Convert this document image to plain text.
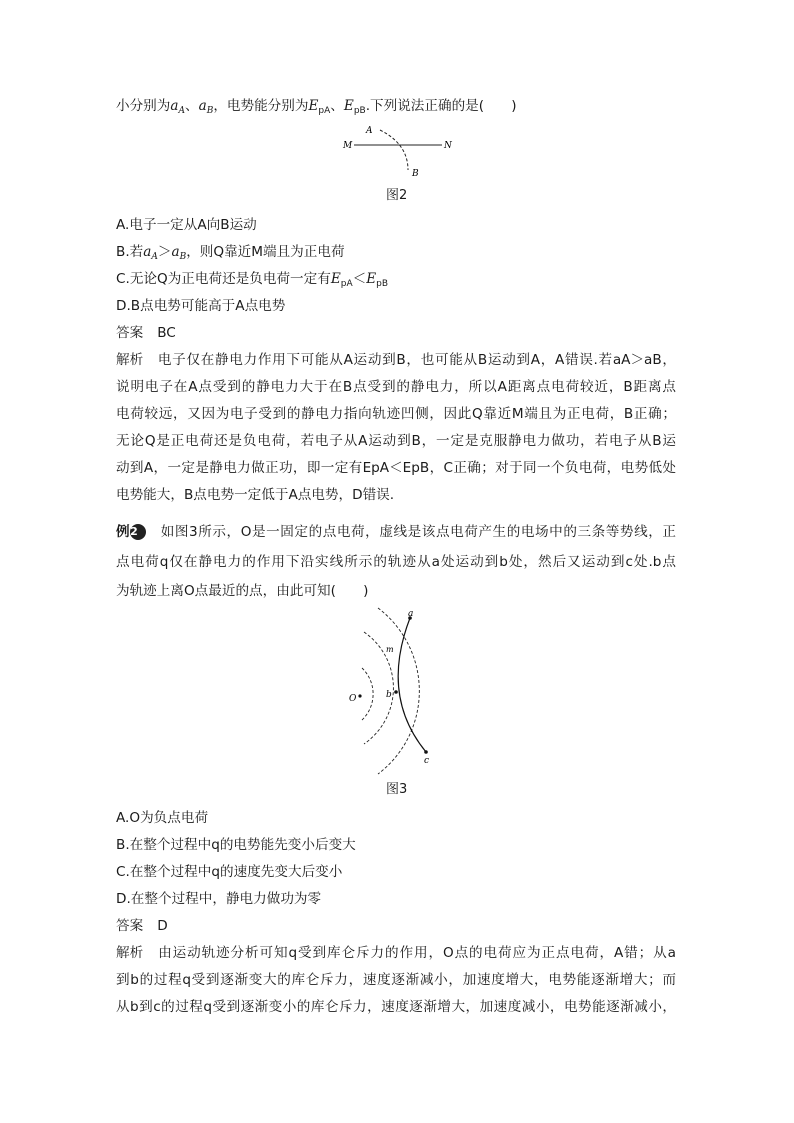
小分别为$a_A$、$a_B$，电势能分别为$E_{pA}$、$E_{pB}$.下列说法正确的是(　　)
A
M	N
B
图2
A.电子一定从A向B运动
B.若$a_A>a_B$，则Q靠近M端且为正电荷
C.无论Q为正电荷还是负电荷一定有$E_{pA}<E_{pB}$
D.B点电势可能高于A点电势
答案 BC
解析 电子仅在静电力作用下可能从A运动到B，也可能从B运动到A，A错误.若aA＞aB，
说明电子在A点受到的静电力大于在B点受到的静电力，所以A距离点电荷较近，B距离点
电荷较远，又因为电子受到的静电力指向轨迹凹侧，因此Q靠近M端且为正电荷，B正确；
无论Q是正电荷还是负电荷，若电子从A运动到B，一定是克服静电力做功，若电子从B运
动到A，一定是静电力做正功，即一定有EpA＜EpB，C正确；对于同一个负电荷，电势低处
电势能大，B点电势一定低于A点电势，D错误.
例2 如图3所示，O是一固定的点电荷，虚线是该点电荷产生的电场中的三条等势线，正
点电荷q仅在静电力的作用下沿实线所示的轨迹从a处运动到b处，然后又运动到c处.b点
为轨迹上离O点最近的点，由此可知(　　)
a
m
O	b
c
图3
A.O为负点电荷
B.在整个过程中q的电势能先变小后变大
C.在整个过程中q的速度先变大后变小
D.在整个过程中，静电力做功为零
答案 D
解析 由运动轨迹分析可知q受到库仑斥力的作用，O点的电荷应为正点电荷，A错；从a
到b的过程q受到逐渐变大的库仑斥力，速度逐渐减小，加速度增大，电势能逐渐增大；而
从b到c的过程q受到逐渐变小的库仑斥力，速度逐渐增大，加速度减小，电势能逐渐减小，
